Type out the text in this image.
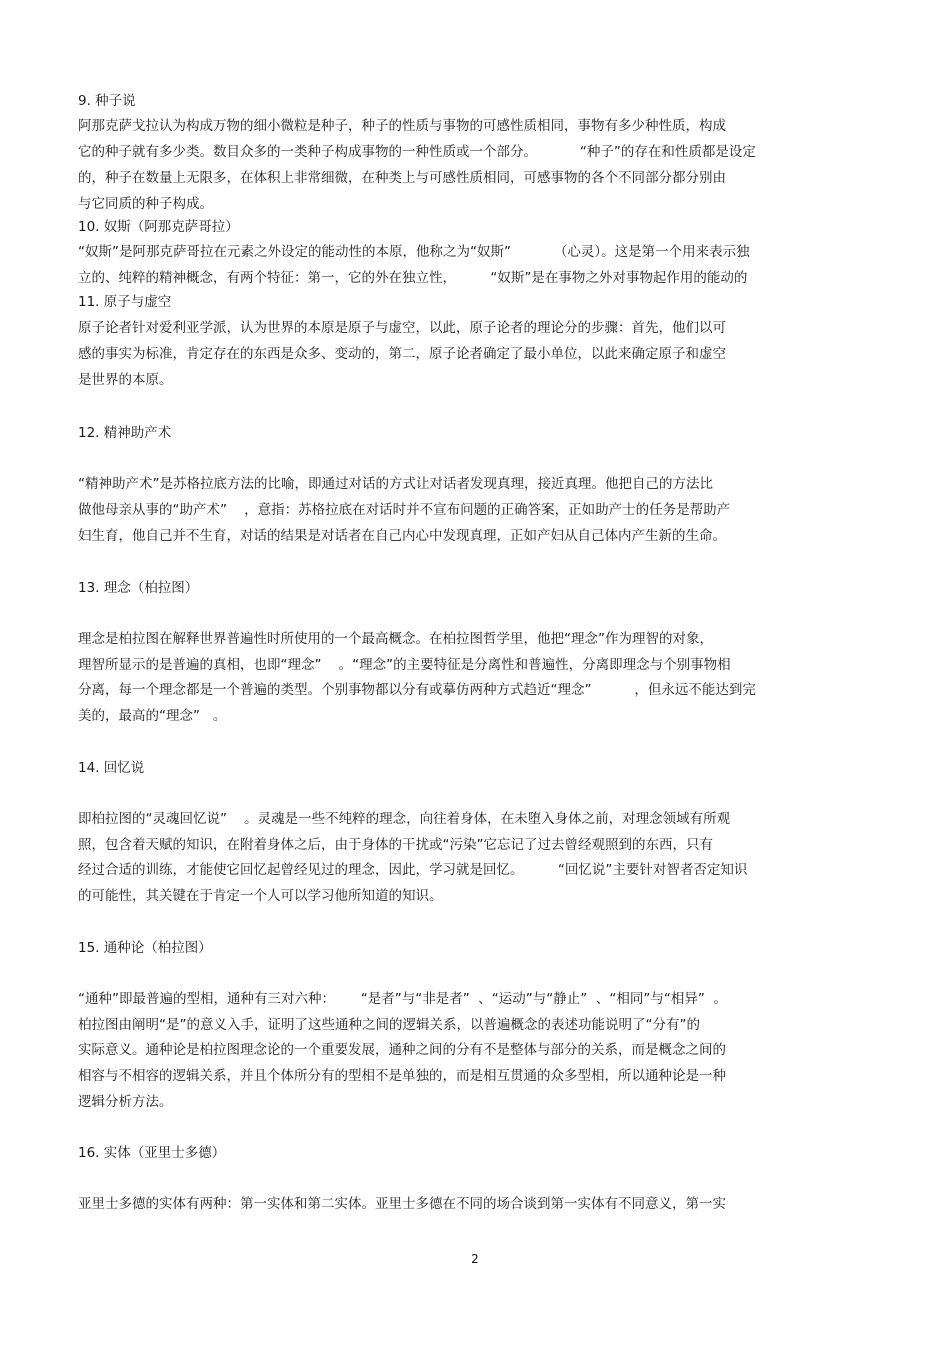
9. 种子说

阿那克萨戈拉认为构成万物的细小微粒是种子，种子的性质与事物的可感性质相同，事物有多少种性质，构成

它的种子就有多少类。数目众多的一类种子构成事物的一种性质或一个部分。          “种子”的存在和性质都是设定

的，种子在数量上无限多，在体积上非常细微，在种类上与可感性质相同，可感事物的各个不同部分都分别由

与它同质的种子构成。

10. 奴斯（阿那克萨哥拉）

“奴斯”是阿那克萨哥拉在元素之外设定的能动性的本原，他称之为“奴斯”          （心灵）。这是第一个用来表示独

立的、纯粹的精神概念，有两个特征：第一，它的外在独立性，        “奴斯”是在事物之外对事物起作用的能动的

11. 原子与虚空

原子论者针对爱利亚学派，认为世界的本原是原子与虚空，以此，原子论者的理论分的步骤：首先，他们以可

感的事实为标准，肯定存在的东西是众多、变动的，第二，原子论者确定了最小单位，以此来确定原子和虚空

是世界的本原。

12. 精神助产术

“精神助产术”是苏格拉底方法的比喻，即通过对话的方式让对话者发现真理，接近真理。他把自己的方法比

做他母亲从事的“助产术”    ，意指：苏格拉底在对话时并不宣布问题的正确答案，正如助产士的任务是帮助产

妇生育，他自己并不生育，对话的结果是对话者在自己内心中发现真理，正如产妇从自己体内产生新的生命。

13. 理念（柏拉图）

理念是柏拉图在解释世界普遍性时所使用的一个最高概念。在柏拉图哲学里，他把“理念”作为理智的对象，

理智所显示的是普遍的真相，也即“理念”    。“理念”的主要特征是分离性和普遍性，分离即理念与个别事物相

分离，每一个理念都是一个普遍的类型。个别事物都以分有或摹仿两种方式趋近“理念”          ，但永远不能达到完

美的，最高的“理念”   。

14. 回忆说

即柏拉图的“灵魂回忆说”    。灵魂是一些不纯粹的理念，向往着身体，在未堕入身体之前，对理念领域有所观

照，包含着天赋的知识，在附着身体之后，由于身体的干扰或“污染”它忘记了过去曾经观照到的东西，只有

经过合适的训练，才能使它回忆起曾经见过的理念，因此，学习就是回忆。        “回忆说”主要针对智者否定知识

的可能性，其关键在于肯定一个人可以学习他所知道的知识。

15. 通种论（柏拉图）

“通种”即最普遍的型相，通种有三对六种：      “是者”与“非是者”  、“运动”与“静止”  、“相同”与“相异”  。

柏拉图由阐明“是”的意义入手，证明了这些通种之间的逻辑关系，以普遍概念的表述功能说明了“分有”的

实际意义。通种论是柏拉图理念论的一个重要发展，通种之间的分有不是整体与部分的关系，而是概念之间的

相容与不相容的逻辑关系，并且个体所分有的型相不是单独的，而是相互贯通的众多型相，所以通种论是一种

逻辑分析方法。

16. 实体（亚里士多德）

亚里士多德的实体有两种：第一实体和第二实体。亚里士多德在不同的场合谈到第一实体有不同意义，第一实

2
